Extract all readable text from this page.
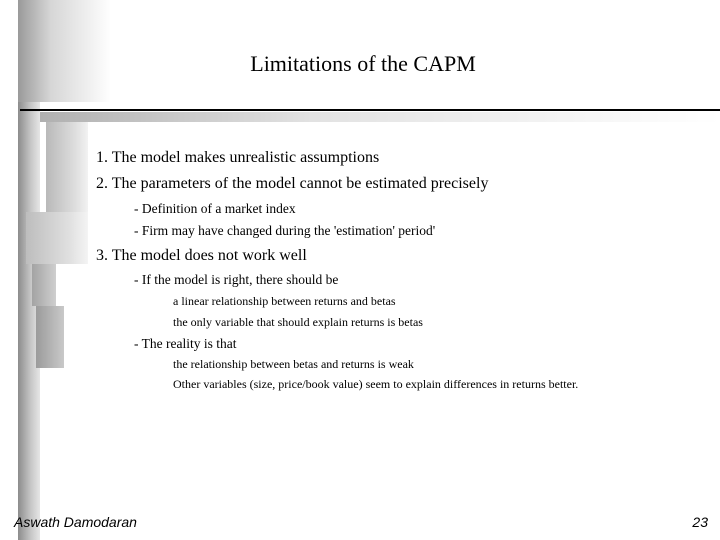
Limitations of the CAPM
1. The model makes unrealistic assumptions
2. The parameters of the model cannot be estimated precisely
- Definition of a market index
- Firm may have changed during the 'estimation' period'
3. The model does not work well
- If the model is right, there should be
a linear relationship between returns and betas
the only variable that should explain returns is betas
- The reality is that
the relationship between betas and returns is weak
Other variables (size, price/book value) seem to explain differences in returns better.
Aswath Damodaran	23
